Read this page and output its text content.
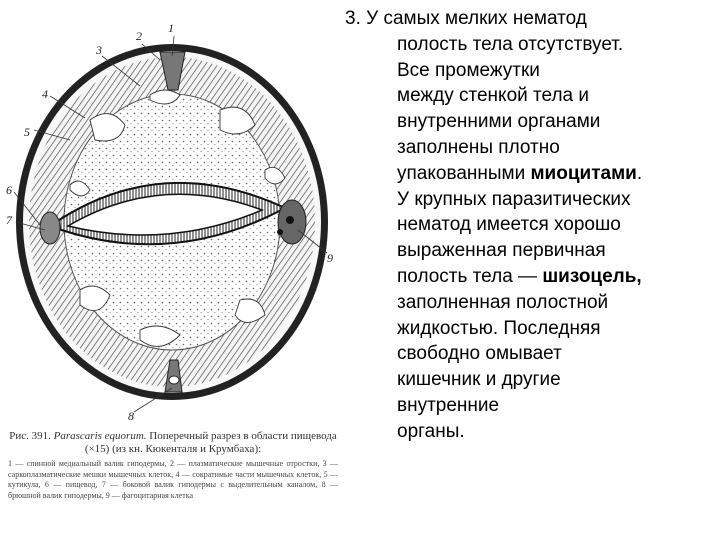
1
2
3
4
5
6
7
8
9
Рис. 391. Parascaris equorum. Поперечный разрез в области пищевода (×15) (из кн. Кюкенталя и Крумбаха):
1 — спинной медиальный валик гиподермы, 2 — плазматические мышечные отростки, 3 — саркоплазматические мешки мышечных клеток, 4 — сократимые части мышечных клеток, 5 — кутикула, 6 — пищевод, 7 — боковой валик гиподермы с выделительным каналом, 8 — брюшной валик гиподермы, 9 — фагоцитарная клетка
3. У самых мелких нематод
полость тела отсутствует.
Все промежутки
между стенкой тела и
внутренними органами
заполнены плотно
упакованными миоцитами.
У крупных паразитических
нематод имеется хорошо
выраженная первичная
полость тела — шизоцель,
заполненная полостной
жидкостью. Последняя
свободно омывает
кишечник и другие
внутренние
органы.
